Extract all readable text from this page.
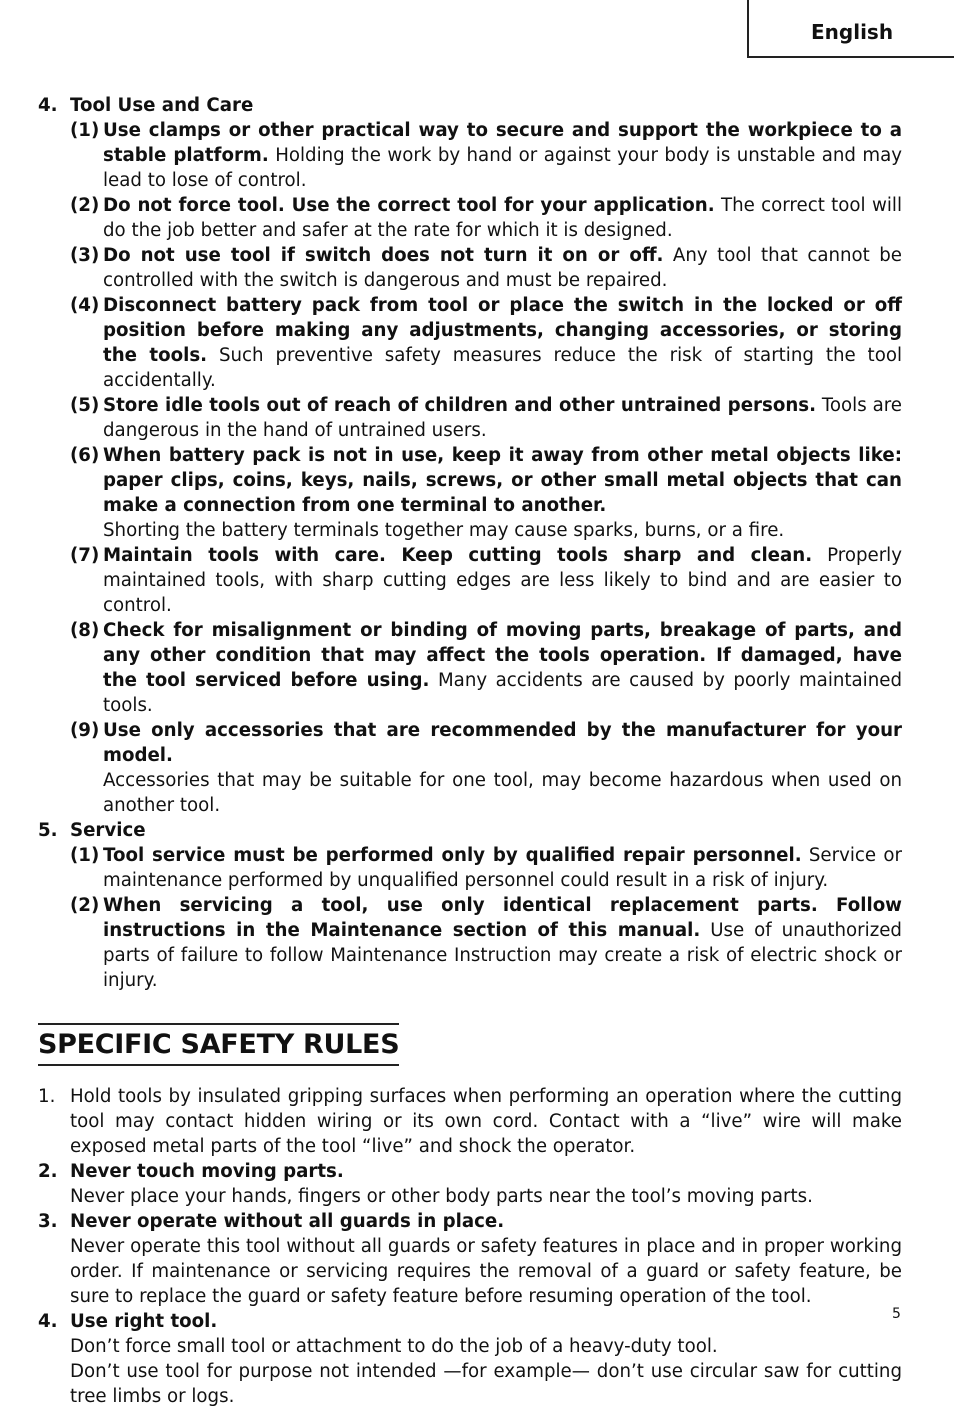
English
4. Tool Use and Care
(1) Use clamps or other practical way to secure and support the workpiece to a stable platform. Holding the work by hand or against your body is unstable and may lead to lose of control.
(2) Do not force tool. Use the correct tool for your application. The correct tool will do the job better and safer at the rate for which it is designed.
(3) Do not use tool if switch does not turn it on or off. Any tool that cannot be controlled with the switch is dangerous and must be repaired.
(4) Disconnect battery pack from tool or place the switch in the locked or off position before making any adjustments, changing accessories, or storing the tools. Such preventive safety measures reduce the risk of starting the tool accidentally.
(5) Store idle tools out of reach of children and other untrained persons. Tools are dangerous in the hand of untrained users.
(6) When battery pack is not in use, keep it away from other metal objects like: paper clips, coins, keys, nails, screws, or other small metal objects that can make a connection from one terminal to another.
Shorting the battery terminals together may cause sparks, burns, or a fire.
(7) Maintain tools with care. Keep cutting tools sharp and clean. Properly maintained tools, with sharp cutting edges are less likely to bind and are easier to control.
(8) Check for misalignment or binding of moving parts, breakage of parts, and any other condition that may affect the tools operation. If damaged, have the tool serviced before using. Many accidents are caused by poorly maintained tools.
(9) Use only accessories that are recommended by the manufacturer for your model.
Accessories that may be suitable for one tool, may become hazardous when used on another tool.
5. Service
(1) Tool service must be performed only by qualified repair personnel. Service or maintenance performed by unqualified personnel could result in a risk of injury.
(2) When servicing a tool, use only identical replacement parts. Follow instructions in the Maintenance section of this manual. Use of unauthorized parts of failure to follow Maintenance Instruction may create a risk of electric shock or injury.
SPECIFIC SAFETY RULES
1. Hold tools by insulated gripping surfaces when performing an operation where the cutting tool may contact hidden wiring or its own cord. Contact with a “live” wire will make exposed metal parts of the tool “live” and shock the operator.
2. Never touch moving parts.
Never place your hands, fingers or other body parts near the tool’s moving parts.
3. Never operate without all guards in place.
Never operate this tool without all guards or safety features in place and in proper working order. If maintenance or servicing requires the removal of a guard or safety feature, be sure to replace the guard or safety feature before resuming operation of the tool.
4. Use right tool.
Don’t force small tool or attachment to do the job of a heavy-duty tool.
Don’t use tool for purpose not intended —for example— don’t use circular saw for cutting tree limbs or logs.
5
